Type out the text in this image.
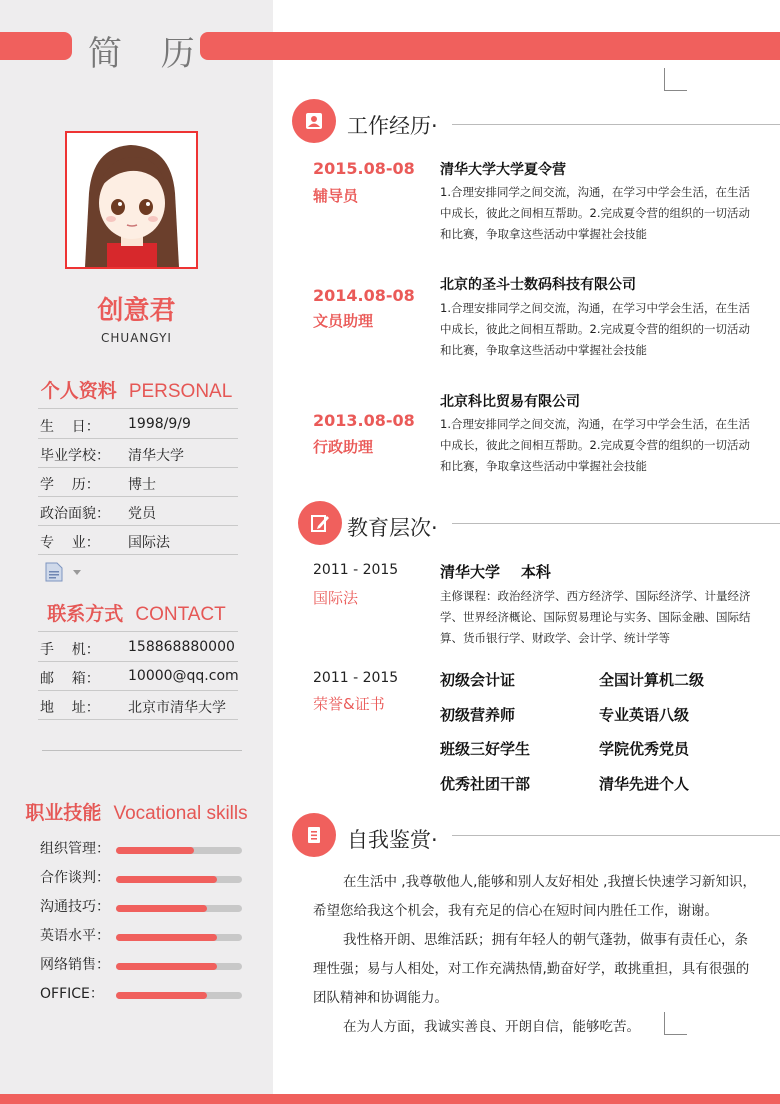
简 历
创意君
CHUANGYI
个人资料 PERSONAL
生    日：	1998/9/9
毕业学校：	清华大学
学    历：	博士
政治面貌：	党员
专    业：	国际法
联系方式 CONTACT
手    机：	158868880000
邮    箱：	10000@qq.com
地    址：	北京市清华大学
职业技能 Vocational skills
组织管理：
合作谈判：
沟通技巧：
英语水平：
网络销售：
OFFICE：
工作经历·
2015.08-08
辅导员
清华大学大学夏令营
1.合理安排同学之间交流，沟通，在学习中学会生活，在生活中成长，彼此之间相互帮助。2.完成夏令营的组织的一切活动和比赛，争取拿这些活动中掌握社会技能
2014.08-08
文员助理
北京的圣斗士数码科技有限公司
1.合理安排同学之间交流，沟通，在学习中学会生活，在生活中成长，彼此之间相互帮助。2.完成夏令营的组织的一切活动和比赛，争取拿这些活动中掌握社会技能
2013.08-08
行政助理
北京科比贸易有限公司
1.合理安排同学之间交流，沟通，在学习中学会生活，在生活中成长，彼此之间相互帮助。2.完成夏令营的组织的一切活动和比赛，争取拿这些活动中掌握社会技能
教育层次·
2011 - 2015
国际法
清华大学    本科
主修课程：政治经济学、西方经济学、国际经济学、计量经济学、世界经济概论、国际贸易理论与实务、国际金融、国际结算、货币银行学、财政学、会计学、统计学等
2011 - 2015
荣誉&证书
初级会计证	全国计算机二级
初级营养师	专业英语八级
班级三好学生	学院优秀党员
优秀社团干部	清华先进个人
自我鉴赏·
在生活中 ,我尊敬他人,能够和别人友好相处 ,我擅长快速学习新知识，希望您给我这个机会，我有充足的信心在短时间内胜任工作，谢谢。
我性格开朗、思维活跃；拥有年轻人的朝气蓬勃，做事有责任心，条理性强；易与人相处，对工作充满热情,勤奋好学，敢挑重担，具有很强的团队精神和协调能力。
在为人方面，我诚实善良、开朗自信，能够吃苦。
